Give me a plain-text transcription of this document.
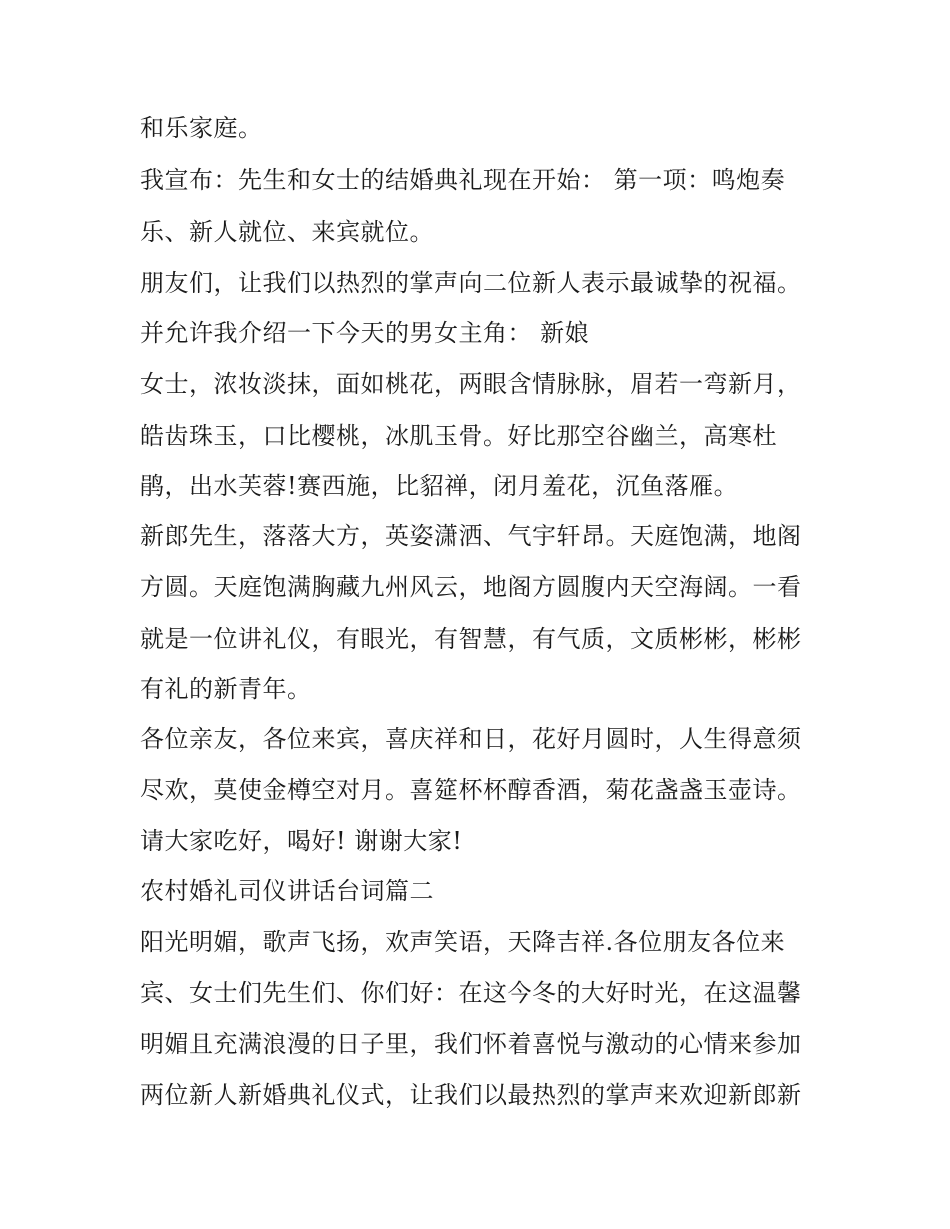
和乐家庭。
我宣布：先生和女士的结婚典礼现在开始： 第一项：鸣炮奏
乐、新人就位、来宾就位。
朋友们，让我们以热烈的掌声向二位新人表示最诚挚的祝福。
并允许我介绍一下今天的男女主角： 新娘
女士，浓妆淡抹，面如桃花，两眼含情脉脉，眉若一弯新月，
皓齿珠玉，口比樱桃，冰肌玉骨。好比那空谷幽兰，高寒杜
鹃，出水芙蓉!赛西施，比貂禅，闭月羞花，沉鱼落雁。
新郎先生，落落大方，英姿潇洒、气宇轩昂。天庭饱满，地阁
方圆。天庭饱满胸藏九州风云，地阁方圆腹内天空海阔。一看
就是一位讲礼仪，有眼光，有智慧，有气质，文质彬彬，彬彬
有礼的新青年。
各位亲友，各位来宾，喜庆祥和日，花好月圆时，人生得意须
尽欢，莫使金樽空对月。喜筵杯杯醇香酒，菊花盏盏玉壶诗。
请大家吃好，喝好! 谢谢大家!
农村婚礼司仪讲话台词篇二
阳光明媚，歌声飞扬，欢声笑语，天降吉祥.各位朋友各位来
宾、女士们先生们、你们好：在这今冬的大好时光，在这温馨
明媚且充满浪漫的日子里，我们怀着喜悦与激动的心情来参加
两位新人新婚典礼仪式，让我们以最热烈的掌声来欢迎新郎新
